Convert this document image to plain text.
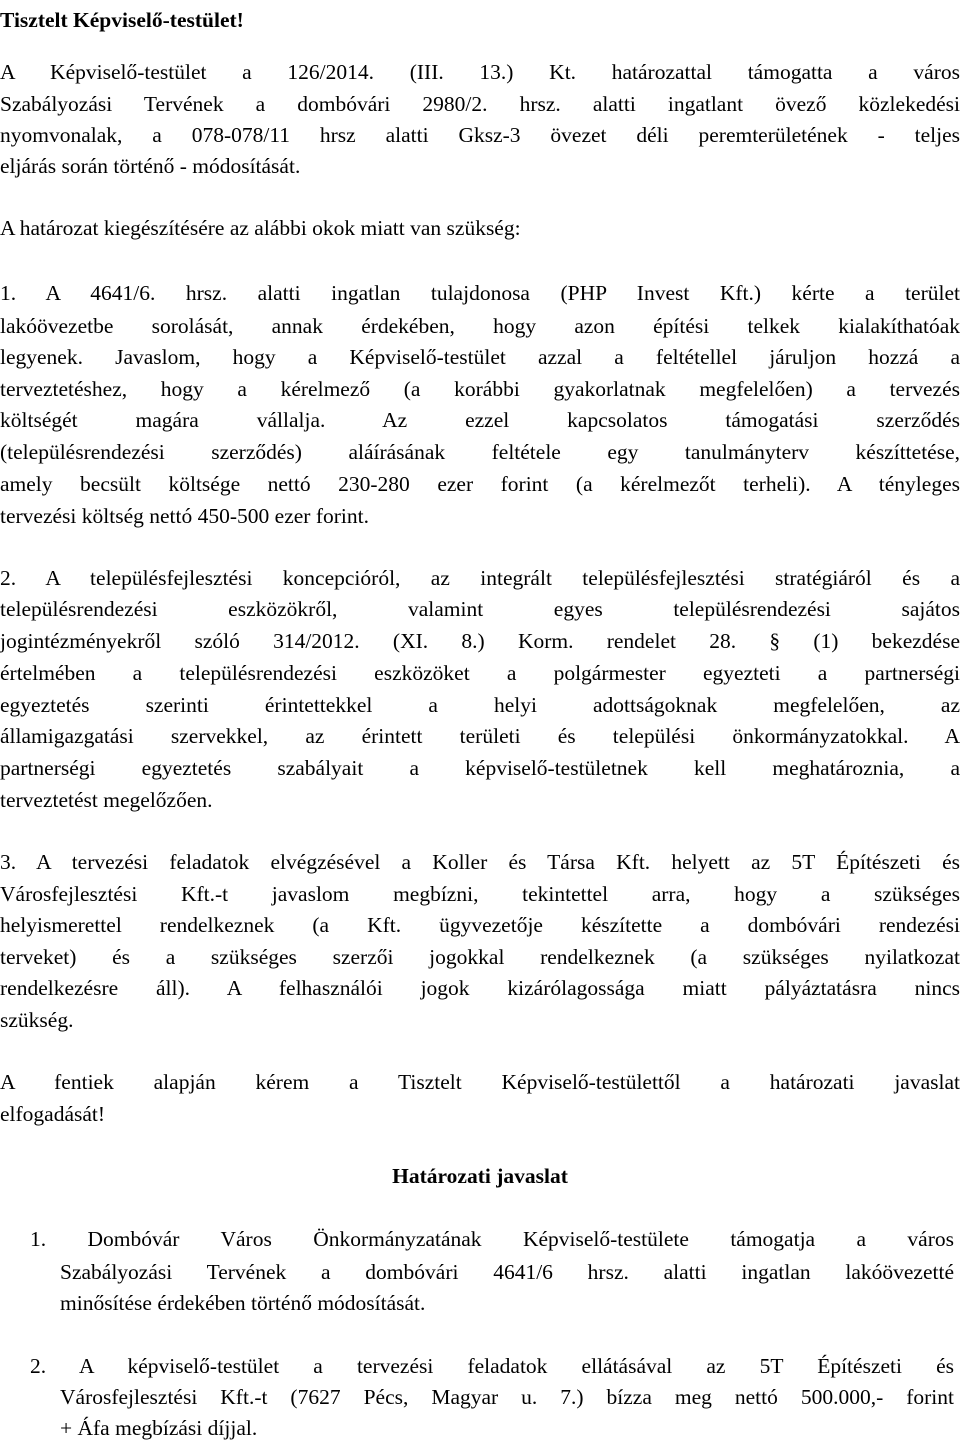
Tisztelt Képviselő-testület!

A Képviselő-testület a 126/2014. (III. 13.) Kt. határozattal támogatta a város

Szabályozási Tervének a dombóvári 2980/2. hrsz. alatti ingatlant övező közlekedési

nyomvonalak, a 078-078/11 hrsz alatti Gksz-3 övezet déli peremterületének - teljes

eljárás során történő - módosítását.

A határozat kiegészítésére az alábbi okok miatt van szükség:

1. A 4641/6. hrsz. alatti ingatlan tulajdonosa (PHP Invest Kft.) kérte a terület

lakóövezetbe sorolását, annak érdekében, hogy azon építési telkek kialakíthatóak

legyenek. Javaslom, hogy a Képviselő-testület azzal a feltétellel járuljon hozzá a

terveztetéshez, hogy a kérelmező (a korábbi gyakorlatnak megfelelően) a tervezés

költségét magára vállalja. Az ezzel kapcsolatos támogatási szerződés

(településrendezési szerződés) aláírásának feltétele egy tanulmányterv készíttetése,

amely becsült költsége nettó 230-280 ezer forint (a kérelmezőt terheli). A tényleges

tervezési költség nettó 450-500 ezer forint.

2. A településfejlesztési koncepcióról, az integrált településfejlesztési stratégiáról és a

településrendezési eszközökről, valamint egyes településrendezési sajátos

jogintézményekről szóló 314/2012. (XI. 8.) Korm. rendelet 28. § (1) bekezdése

értelmében a településrendezési eszközöket a polgármester egyezteti a partnerségi

egyeztetés szerinti érintettekkel a helyi adottságoknak megfelelően, az

államigazgatási szervekkel, az érintett területi és települési önkormányzatokkal. A

partnerségi egyeztetés szabályait a képviselő-testületnek kell meghatároznia, a

terveztetést megelőzően.

3. A tervezési feladatok elvégzésével a Koller és Társa Kft. helyett az 5T Építészeti és

Városfejlesztési Kft.-t javaslom megbízni, tekintettel arra, hogy a szükséges

helyismerettel rendelkeznek (a Kft. ügyvezetője készítette a dombóvári rendezési

terveket) és a szükséges szerzői jogokkal rendelkeznek (a szükséges nyilatkozat

rendelkezésre áll). A felhasználói jogok kizárólagossága miatt pályáztatásra nincs

szükség.

A fentiek alapján kérem a Tisztelt Képviselő-testülettől a határozati javaslat

elfogadását!

Határozati javaslat

1. Dombóvár Város Önkormányzatának Képviselő-testülete támogatja a város

Szabályozási Tervének a dombóvári 4641/6 hrsz. alatti ingatlan lakóövezetté

minősítése érdekében történő módosítását.

2. A képviselő-testület a tervezési feladatok ellátásával az 5T Építészeti és

Városfejlesztési Kft.-t (7627 Pécs, Magyar u. 7.) bízza meg nettó 500.000,- forint

+ Áfa megbízási díjjal.
